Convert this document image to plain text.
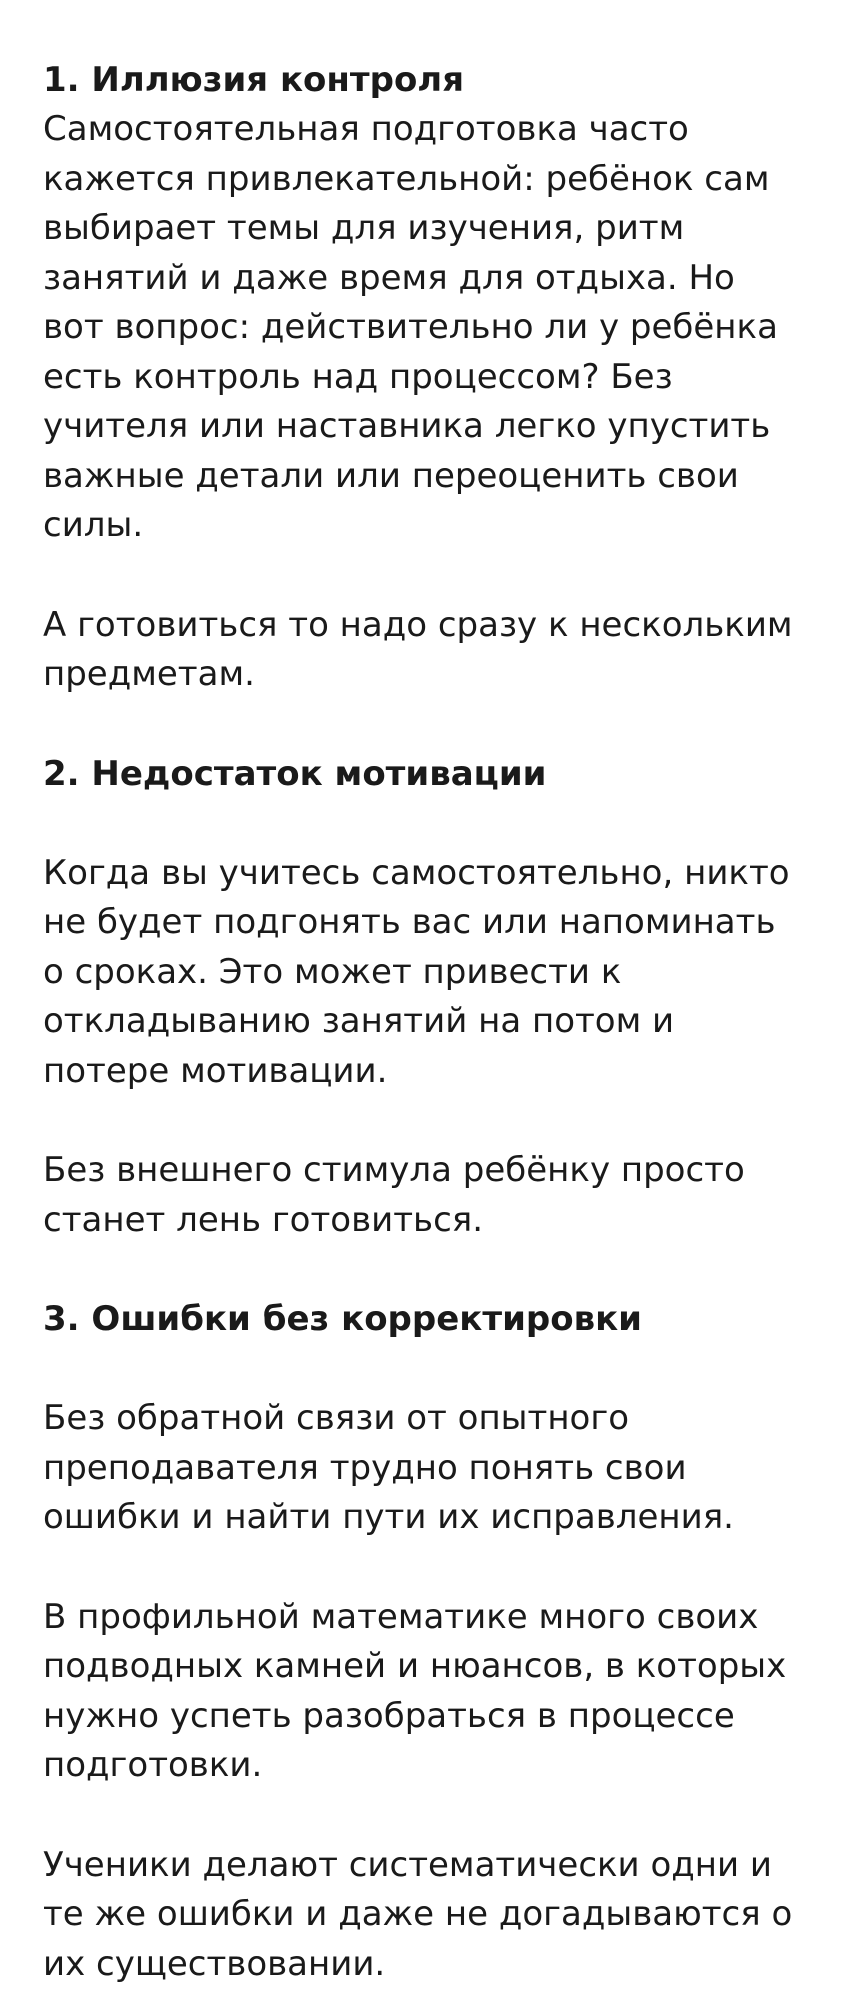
1. Иллюзия контроля

Самостоятельная подготовка часто кажется привлекательной: ребёнок сам выбирает темы для изучения, ритм занятий и даже время для отдыха. Но вот вопрос: действительно ли у ребёнка есть контроль над процессом? Без учителя или наставника легко упустить важные детали или переоценить свои силы.

А готовиться то надо сразу к нескольким предметам.

2. Недостаток мотивации

Когда вы учитесь самостоятельно, никто не будет подгонять вас или напоминать о сроках. Это может привести к откладыванию занятий на потом и потере мотивации.

Без внешнего стимула ребёнку просто станет лень готовиться.

3. Ошибки без корректировки

Без обратной связи от опытного преподавателя трудно понять свои ошибки и найти пути их исправления.

В профильной математике много своих подводных камней и нюансов, в которых нужно успеть разобраться в процессе подготовки.

Ученики делают систематически одни и те же ошибки и даже не догадываются о их существовании.
